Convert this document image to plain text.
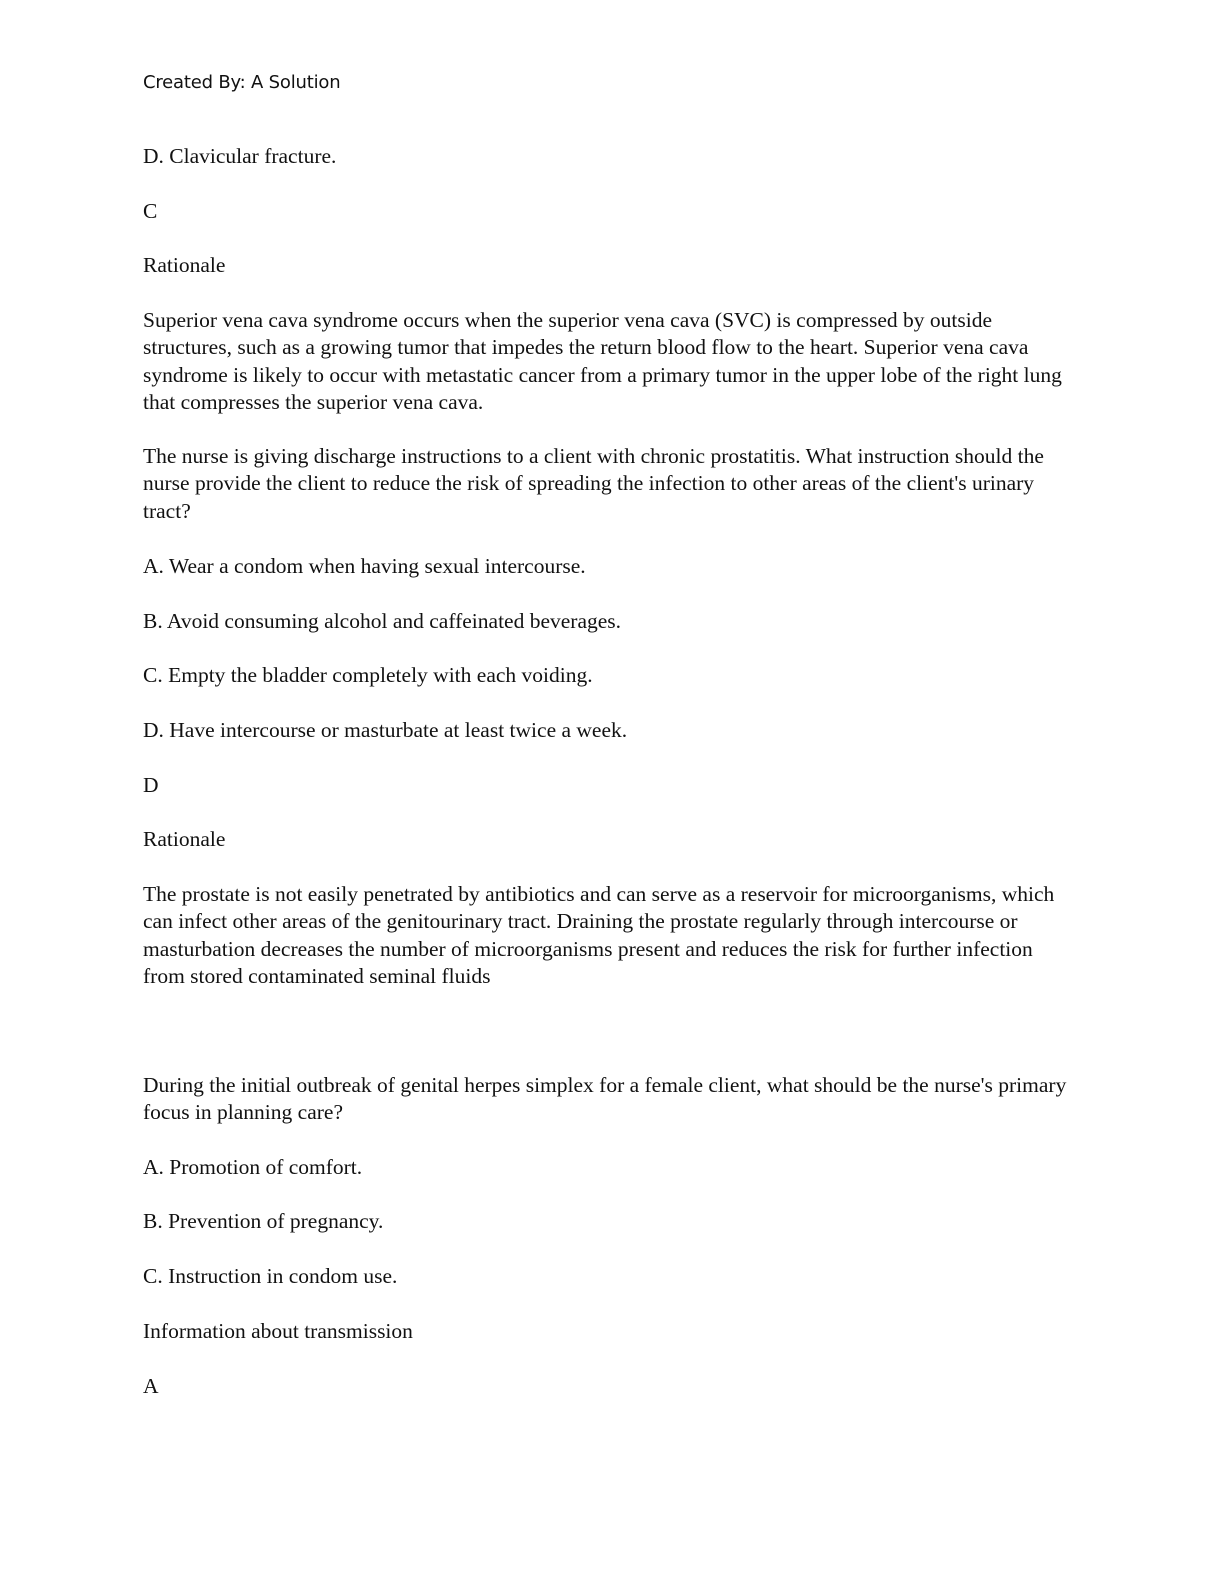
Created By: A Solution

D. Clavicular fracture.

C

Rationale

Superior vena cava syndrome occurs when the superior vena cava (SVC) is compressed by outside structures, such as a growing tumor that impedes the return blood flow to the heart. Superior vena cava syndrome is likely to occur with metastatic cancer from a primary tumor in the upper lobe of the right lung that compresses the superior vena cava.

The nurse is giving discharge instructions to a client with chronic prostatitis. What instruction should the nurse provide the client to reduce the risk of spreading the infection to other areas of the client's urinary tract?

A. Wear a condom when having sexual intercourse.

B. Avoid consuming alcohol and caffeinated beverages.

C. Empty the bladder completely with each voiding.

D. Have intercourse or masturbate at least twice a week.

D

Rationale

The prostate is not easily penetrated by antibiotics and can serve as a reservoir for microorganisms, which can infect other areas of the genitourinary tract. Draining the prostate regularly through intercourse or masturbation decreases the number of microorganisms present and reduces the risk for further infection from stored contaminated seminal fluids

During the initial outbreak of genital herpes simplex for a female client, what should be the nurse's primary focus in planning care?

A. Promotion of comfort.

B. Prevention of pregnancy.

C. Instruction in condom use.

Information about transmission

A
